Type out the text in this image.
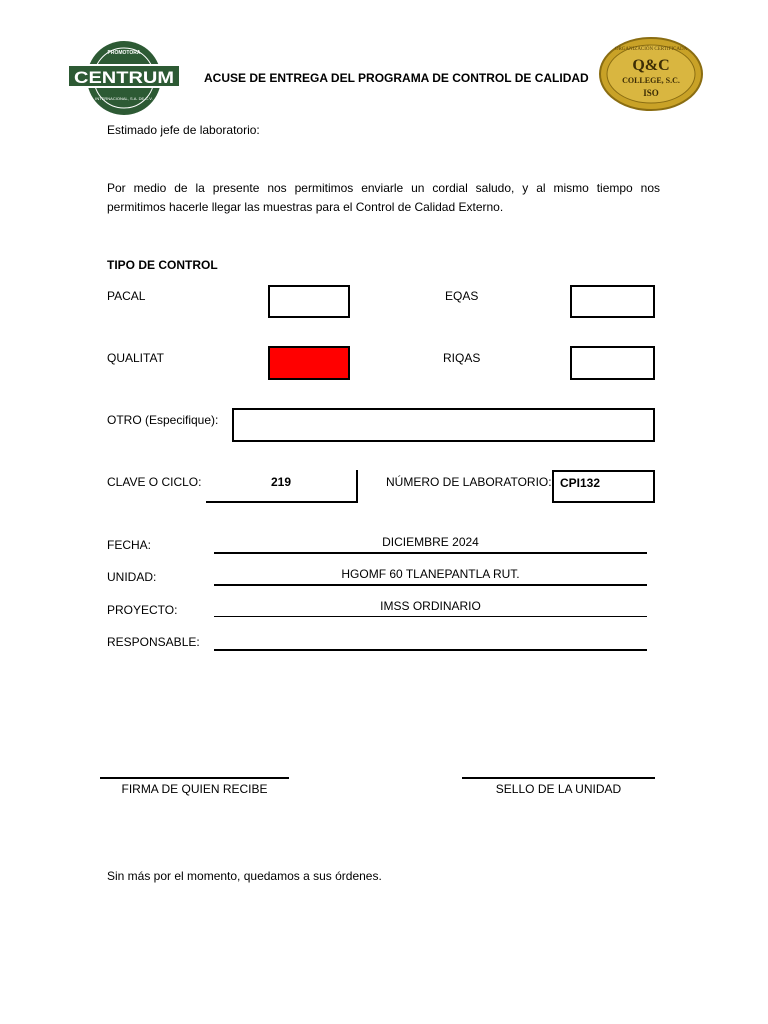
PROMOTORA
CENTRUM
INTERNACIONAL, S.A. DE C.V.
ACUSE DE ENTREGA DEL PROGRAMA DE CONTROL DE CALIDAD
ORGANIZACIÓN CERTIFICADA
Q&C
COLLEGE, S.C.
ISO
Estimado jefe de laboratorio:
Por medio de la presente nos permitimos enviarle un cordial saludo, y al mismo tiempo nos
permitimos hacerle llegar las muestras para el Control de Calidad Externo.
TIPO DE CONTROL
PACAL	EQAS
QUALITAT	RIQAS
OTRO (Especifique):
CLAVE O CICLO:	219	NÚMERO DE LABORATORIO: CPI132
FECHA:	DICIEMBRE 2024
UNIDAD:	HGOMF 60 TLANEPANTLA RUT.
PROYECTO:	IMSS ORDINARIO
RESPONSABLE:
FIRMA DE QUIEN RECIBE	SELLO DE LA UNIDAD
Sin más por el momento, quedamos a sus órdenes.
